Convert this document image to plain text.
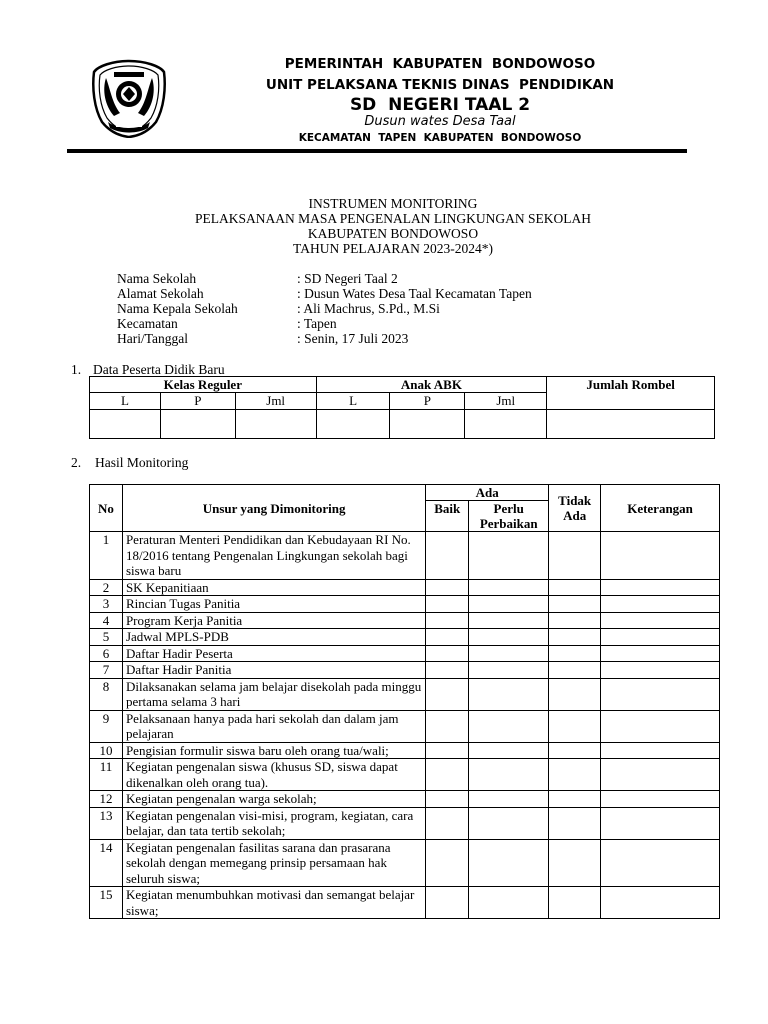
PEMERINTAH  KABUPATEN  BONDOWOSO
UNIT PELAKSANA TEKNIS DINAS  PENDIDIKAN
SD  NEGERI TAAL 2
Dusun wates Desa Taal
KECAMATAN  TAPEN  KABUPATEN  BONDOWOSO
INSTRUMEN MONITORING
PELAKSANAAN MASA PENGENALAN LINGKUNGAN SEKOLAH
KABUPATEN BONDOWOSO
TAHUN PELAJARAN 2023-2024*)
Nama Sekolah	: SD Negeri Taal 2
Alamat Sekolah	: Dusun Wates Desa Taal Kecamatan Tapen
Nama Kepala Sekolah	: Ali Machrus, S.Pd., M.Si
Kecamatan	: Tapen
Hari/Tanggal	: Senin, 17 Juli 2023
1. Data Peserta Didik Baru
Kelas Reguler			Anak ABK			Jumlah Rombel
L	P	Jml	L	P	Jml	

2. Hasil Monitoring
No	Unsur yang Dimonitoring	Ada		Tidak Ada	Keterangan
		Baik	Perlu Perbaikan		
1	Peraturan Menteri Pendidikan dan Kebudayaan RI No. 18/2016 tentang Pengenalan Lingkungan sekolah bagi siswa baru				
2	SK Kepanitiaan				
3	Rincian Tugas Panitia				
4	Program Kerja Panitia				
5	Jadwal MPLS-PDB				
6	Daftar Hadir Peserta				
7	Daftar Hadir Panitia				
8	Dilaksanakan selama jam belajar disekolah pada minggu pertama selama 3 hari				
9	Pelaksanaan hanya pada hari sekolah dan dalam jam pelajaran				
10	Pengisian formulir siswa baru oleh orang tua/wali;				
11	Kegiatan pengenalan siswa (khusus SD, siswa dapat dikenalkan oleh orang tua).				
12	Kegiatan pengenalan warga sekolah;				
13	Kegiatan pengenalan visi-misi, program, kegiatan, cara belajar, dan tata tertib sekolah;				
14	Kegiatan pengenalan fasilitas sarana dan prasarana sekolah dengan memegang prinsip persamaan hak seluruh siswa;				
15	Kegiatan menumbuhkan motivasi dan semangat belajar siswa;				
